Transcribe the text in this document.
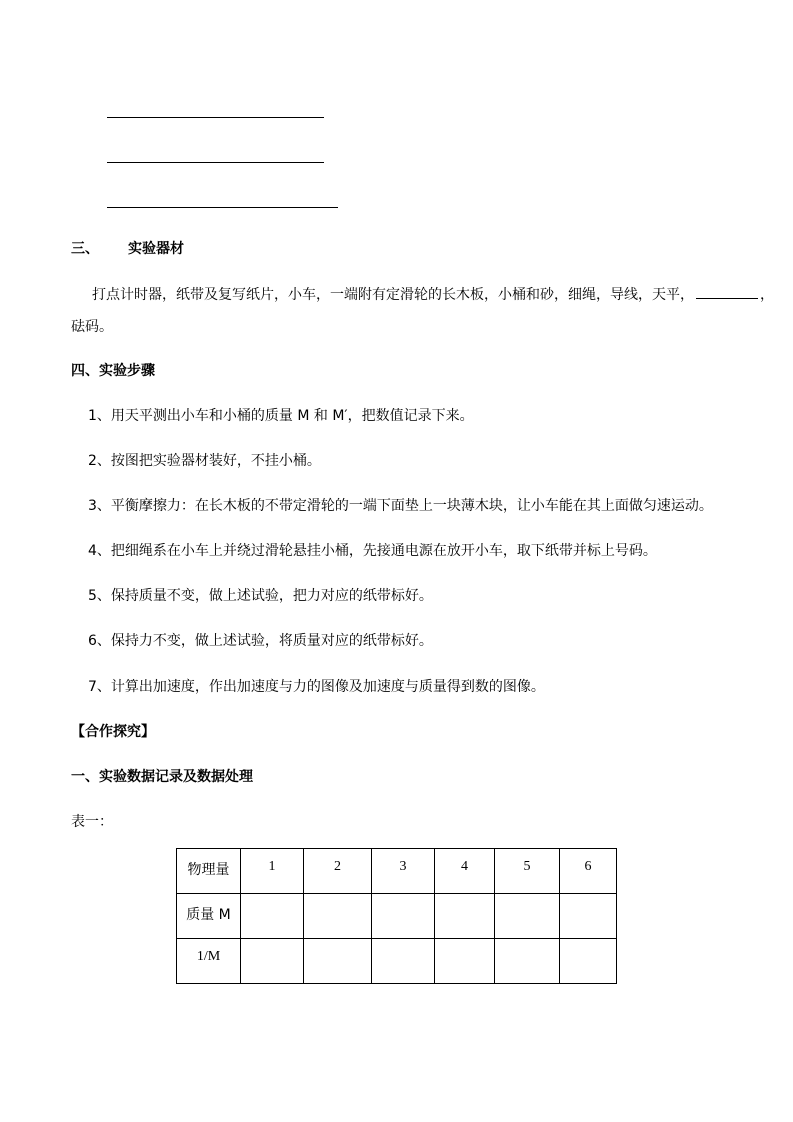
三、 实验器材
打点计时器，纸带及复写纸片，小车，一端附有定滑轮的长木板，小桶和砂，细绳，导线，天平，	，
砝码。
四、实验步骤
1、用天平测出小车和小桶的质量 M 和 M′，把数值记录下来。
2、按图把实验器材装好，不挂小桶。
3、平衡摩擦力：在长木板的不带定滑轮的一端下面垫上一块薄木块，让小车能在其上面做匀速运动。
4、把细绳系在小车上并绕过滑轮悬挂小桶，先接通电源在放开小车，取下纸带并标上号码。
5、保持质量不变，做上述试验，把力对应的纸带标好。
6、保持力不变，做上述试验，将质量对应的纸带标好。
7、计算出加速度，作出加速度与力的图像及加速度与质量得到数的图像。
【合作探究】
一、实验数据记录及数据处理
表一：
物理量	1	2	3	4	5	6
质量 M						
1/M						
